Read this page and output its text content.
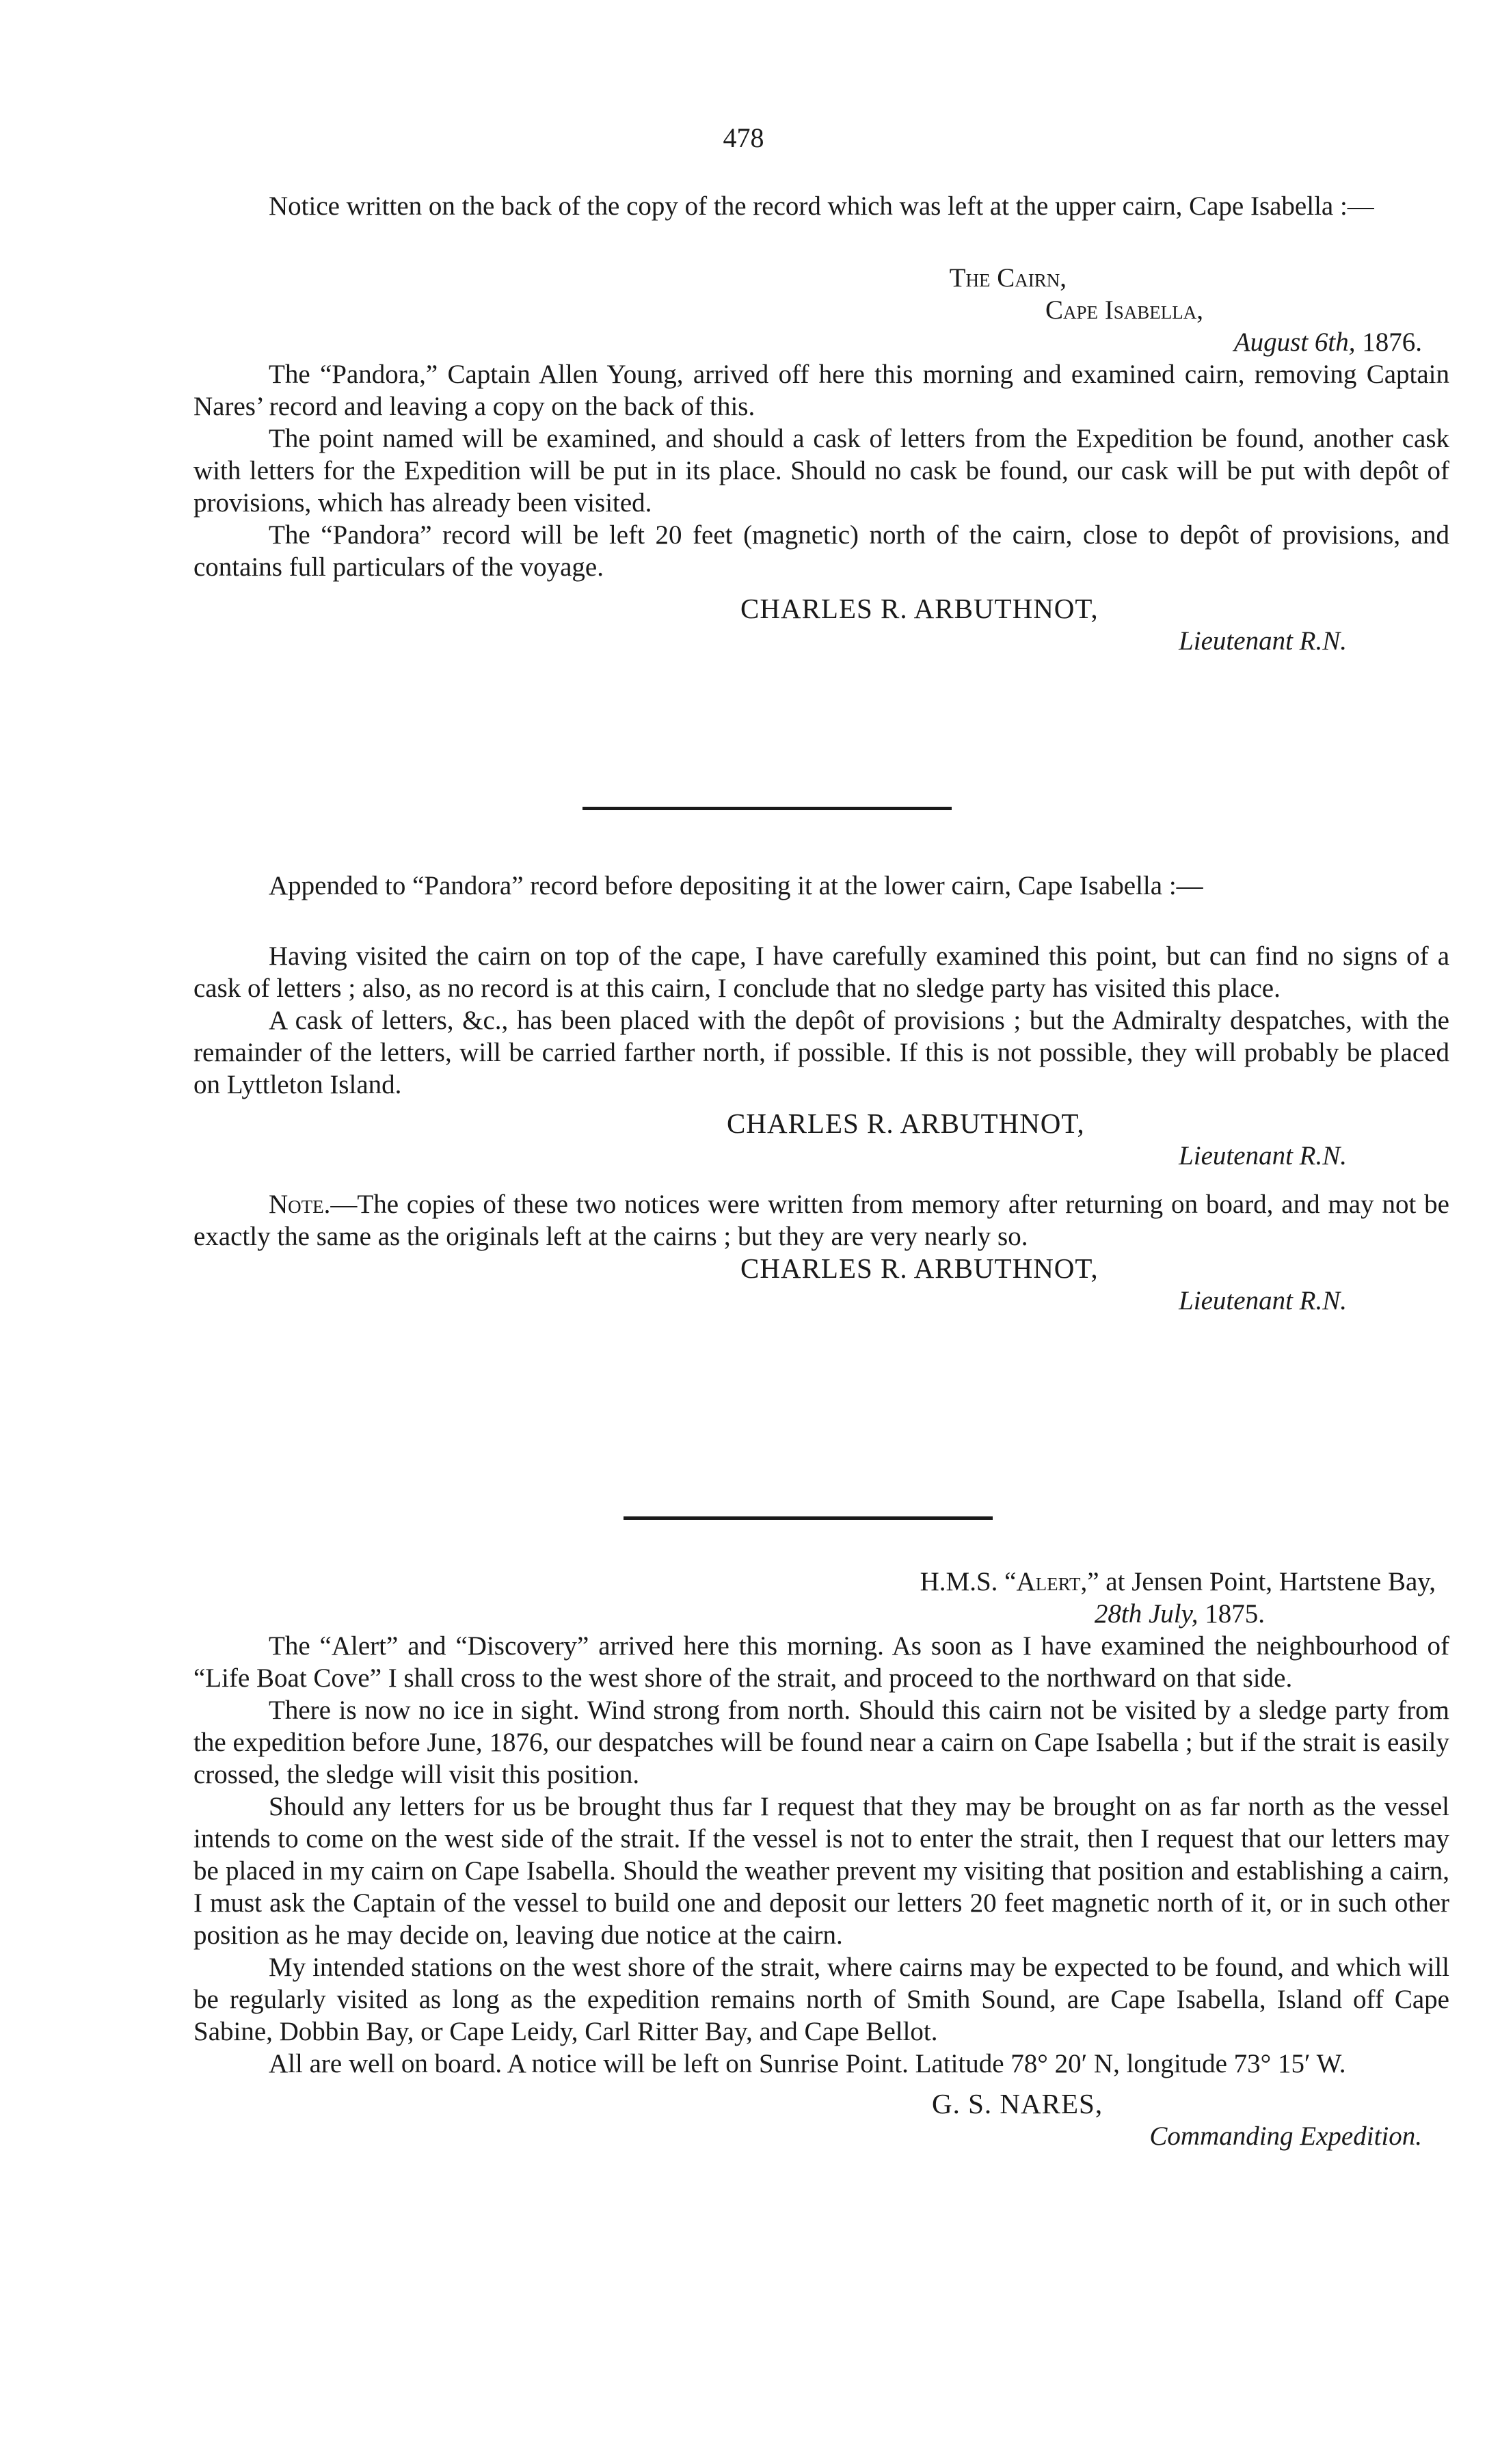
478

Notice written on the back of the copy of the record which was left at the upper cairn, Cape Isabella :—

The Cairn,

Cape Isabella,

August 6th, 1876.

The “Pandora,” Captain Allen Young, arrived off here this morning and examined cairn, removing Captain Nares’ record and leaving a copy on the back of this.

The point named will be examined, and should a cask of letters from the Expedition be found, another cask with letters for the Expedition will be put in its place. Should no cask be found, our cask will be put with depôt of provisions, which has already been visited.

The “Pandora” record will be left 20 feet (magnetic) north of the cairn, close to depôt of provisions, and contains full particulars of the voyage.

CHARLES R. ARBUTHNOT,

Lieutenant R.N.

Appended to “Pandora” record before depositing it at the lower cairn, Cape Isabella :—

Having visited the cairn on top of the cape, I have carefully examined this point, but can find no signs of a cask of letters ; also, as no record is at this cairn, I conclude that no sledge party has visited this place.

A cask of letters, &c., has been placed with the depôt of provisions ; but the Admiralty despatches, with the remainder of the letters, will be carried farther north, if possible. If this is not possible, they will probably be placed on Lyttleton Island.

CHARLES R. ARBUTHNOT,

Lieutenant R.N.

Note.—The copies of these two notices were written from memory after returning on board, and may not be exactly the same as the originals left at the cairns ; but they are very nearly so.

CHARLES R. ARBUTHNOT,

Lieutenant R.N.

H.M.S. “Alert,” at Jensen Point, Hartstene Bay,

28th July, 1875.

The “Alert” and “Discovery” arrived here this morning. As soon as I have examined the neighbourhood of “Life Boat Cove” I shall cross to the west shore of the strait, and proceed to the northward on that side.

There is now no ice in sight. Wind strong from north. Should this cairn not be visited by a sledge party from the expedition before June, 1876, our despatches will be found near a cairn on Cape Isabella ; but if the strait is easily crossed, the sledge will visit this position.

Should any letters for us be brought thus far I request that they may be brought on as far north as the vessel intends to come on the west side of the strait. If the vessel is not to enter the strait, then I request that our letters may be placed in my cairn on Cape Isabella. Should the weather prevent my visiting that position and establishing a cairn, I must ask the Captain of the vessel to build one and deposit our letters 20 feet magnetic north of it, or in such other position as he may decide on, leaving due notice at the cairn.

My intended stations on the west shore of the strait, where cairns may be expected to be found, and which will be regularly visited as long as the expedition remains north of Smith Sound, are Cape Isabella, Island off Cape Sabine, Dobbin Bay, or Cape Leidy, Carl Ritter Bay, and Cape Bellot.

All are well on board. A notice will be left on Sunrise Point. Latitude 78° 20′ N, longitude 73° 15′ W.

G. S. NARES,

Commanding Expedition.
